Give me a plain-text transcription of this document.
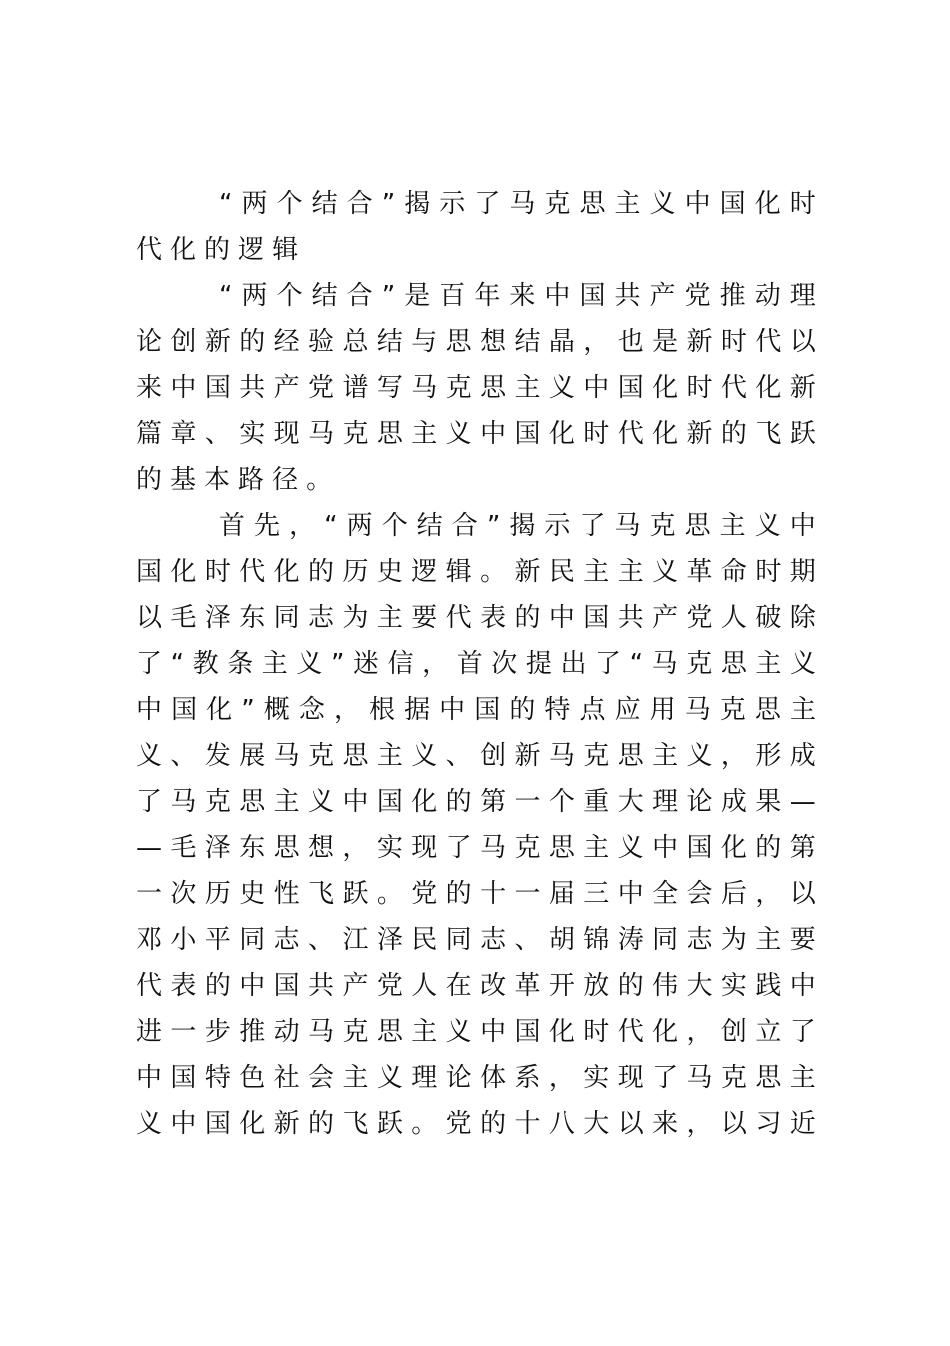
“ 两 个 结 合 ” 揭 示 了 马 克 思 主 义 中 国 化 时
代 化 的 逻 辑
“ 两 个 结 合 ” 是 百 年 来 中 国 共 产 党 推 动 理
论 创 新 的 经 验 总 结 与 思 想 结 晶 ， 也 是 新 时 代 以
来 中 国 共 产 党 谱 写 马 克 思 主 义 中 国 化 时 代 化 新
篇 章 、 实 现 马 克 思 主 义 中 国 化 时 代 化 新 的 飞 跃
的 基 本 路 径 。
首 先 ， “ 两 个 结 合 ” 揭 示 了 马 克 思 主 义 中
国 化 时 代 化 的 历 史 逻 辑 。 新 民 主 主 义 革 命 时 期
以 毛 泽 东 同 志 为 主 要 代 表 的 中 国 共 产 党 人 破 除
了 “ 教 条 主 义 ” 迷 信 ， 首 次 提 出 了 “ 马 克 思 主 义
中 国 化 ” 概 念 ， 根 据 中 国 的 特 点 应 用 马 克 思 主
义 、 发 展 马 克 思 主 义 、 创 新 马 克 思 主 义 ， 形 成
了 马 克 思 主 义 中 国 化 的 第 一 个 重 大 理 论 成 果 —
— 毛 泽 东 思 想 ， 实 现 了 马 克 思 主 义 中 国 化 的 第
一 次 历 史 性 飞 跃 。 党 的 十 一 届 三 中 全 会 后 ， 以
邓 小 平 同 志 、 江 泽 民 同 志 、 胡 锦 涛 同 志 为 主 要
代 表 的 中 国 共 产 党 人 在 改 革 开 放 的 伟 大 实 践 中
进 一 步 推 动 马 克 思 主 义 中 国 化 时 代 化 ， 创 立 了
中 国 特 色 社 会 主 义 理 论 体 系 ， 实 现 了 马 克 思 主
义 中 国 化 新 的 飞 跃 。 党 的 十 八 大 以 来 ， 以 习 近
